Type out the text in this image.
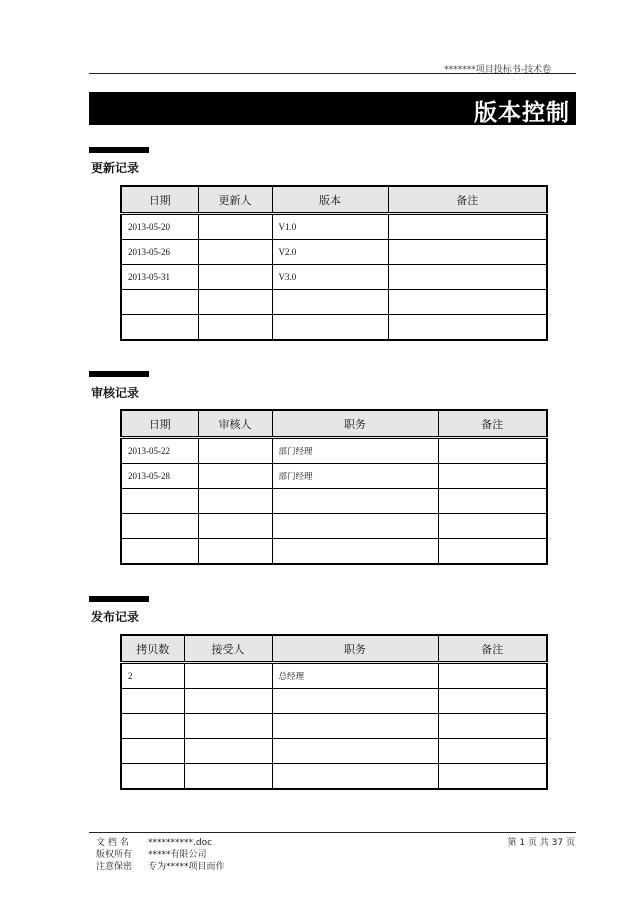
*******项目投标书-技术卷
版本控制
更新记录
日期	更新人	版本	备注
2013-05-20		V1.0	
2013-05-26		V2.0	
2013-05-31		V3.0	

审核记录
日期	审核人	职务	备注
2013-05-22		部门经理	
2013-05-28		部门经理	

发布记录
拷贝数	接受人	职务	备注
2		总经理	

文 档 名 **********.doc
版权所有 *****有限公司
注意保密 专为*****项目而作
第 1 页 共 37 页
